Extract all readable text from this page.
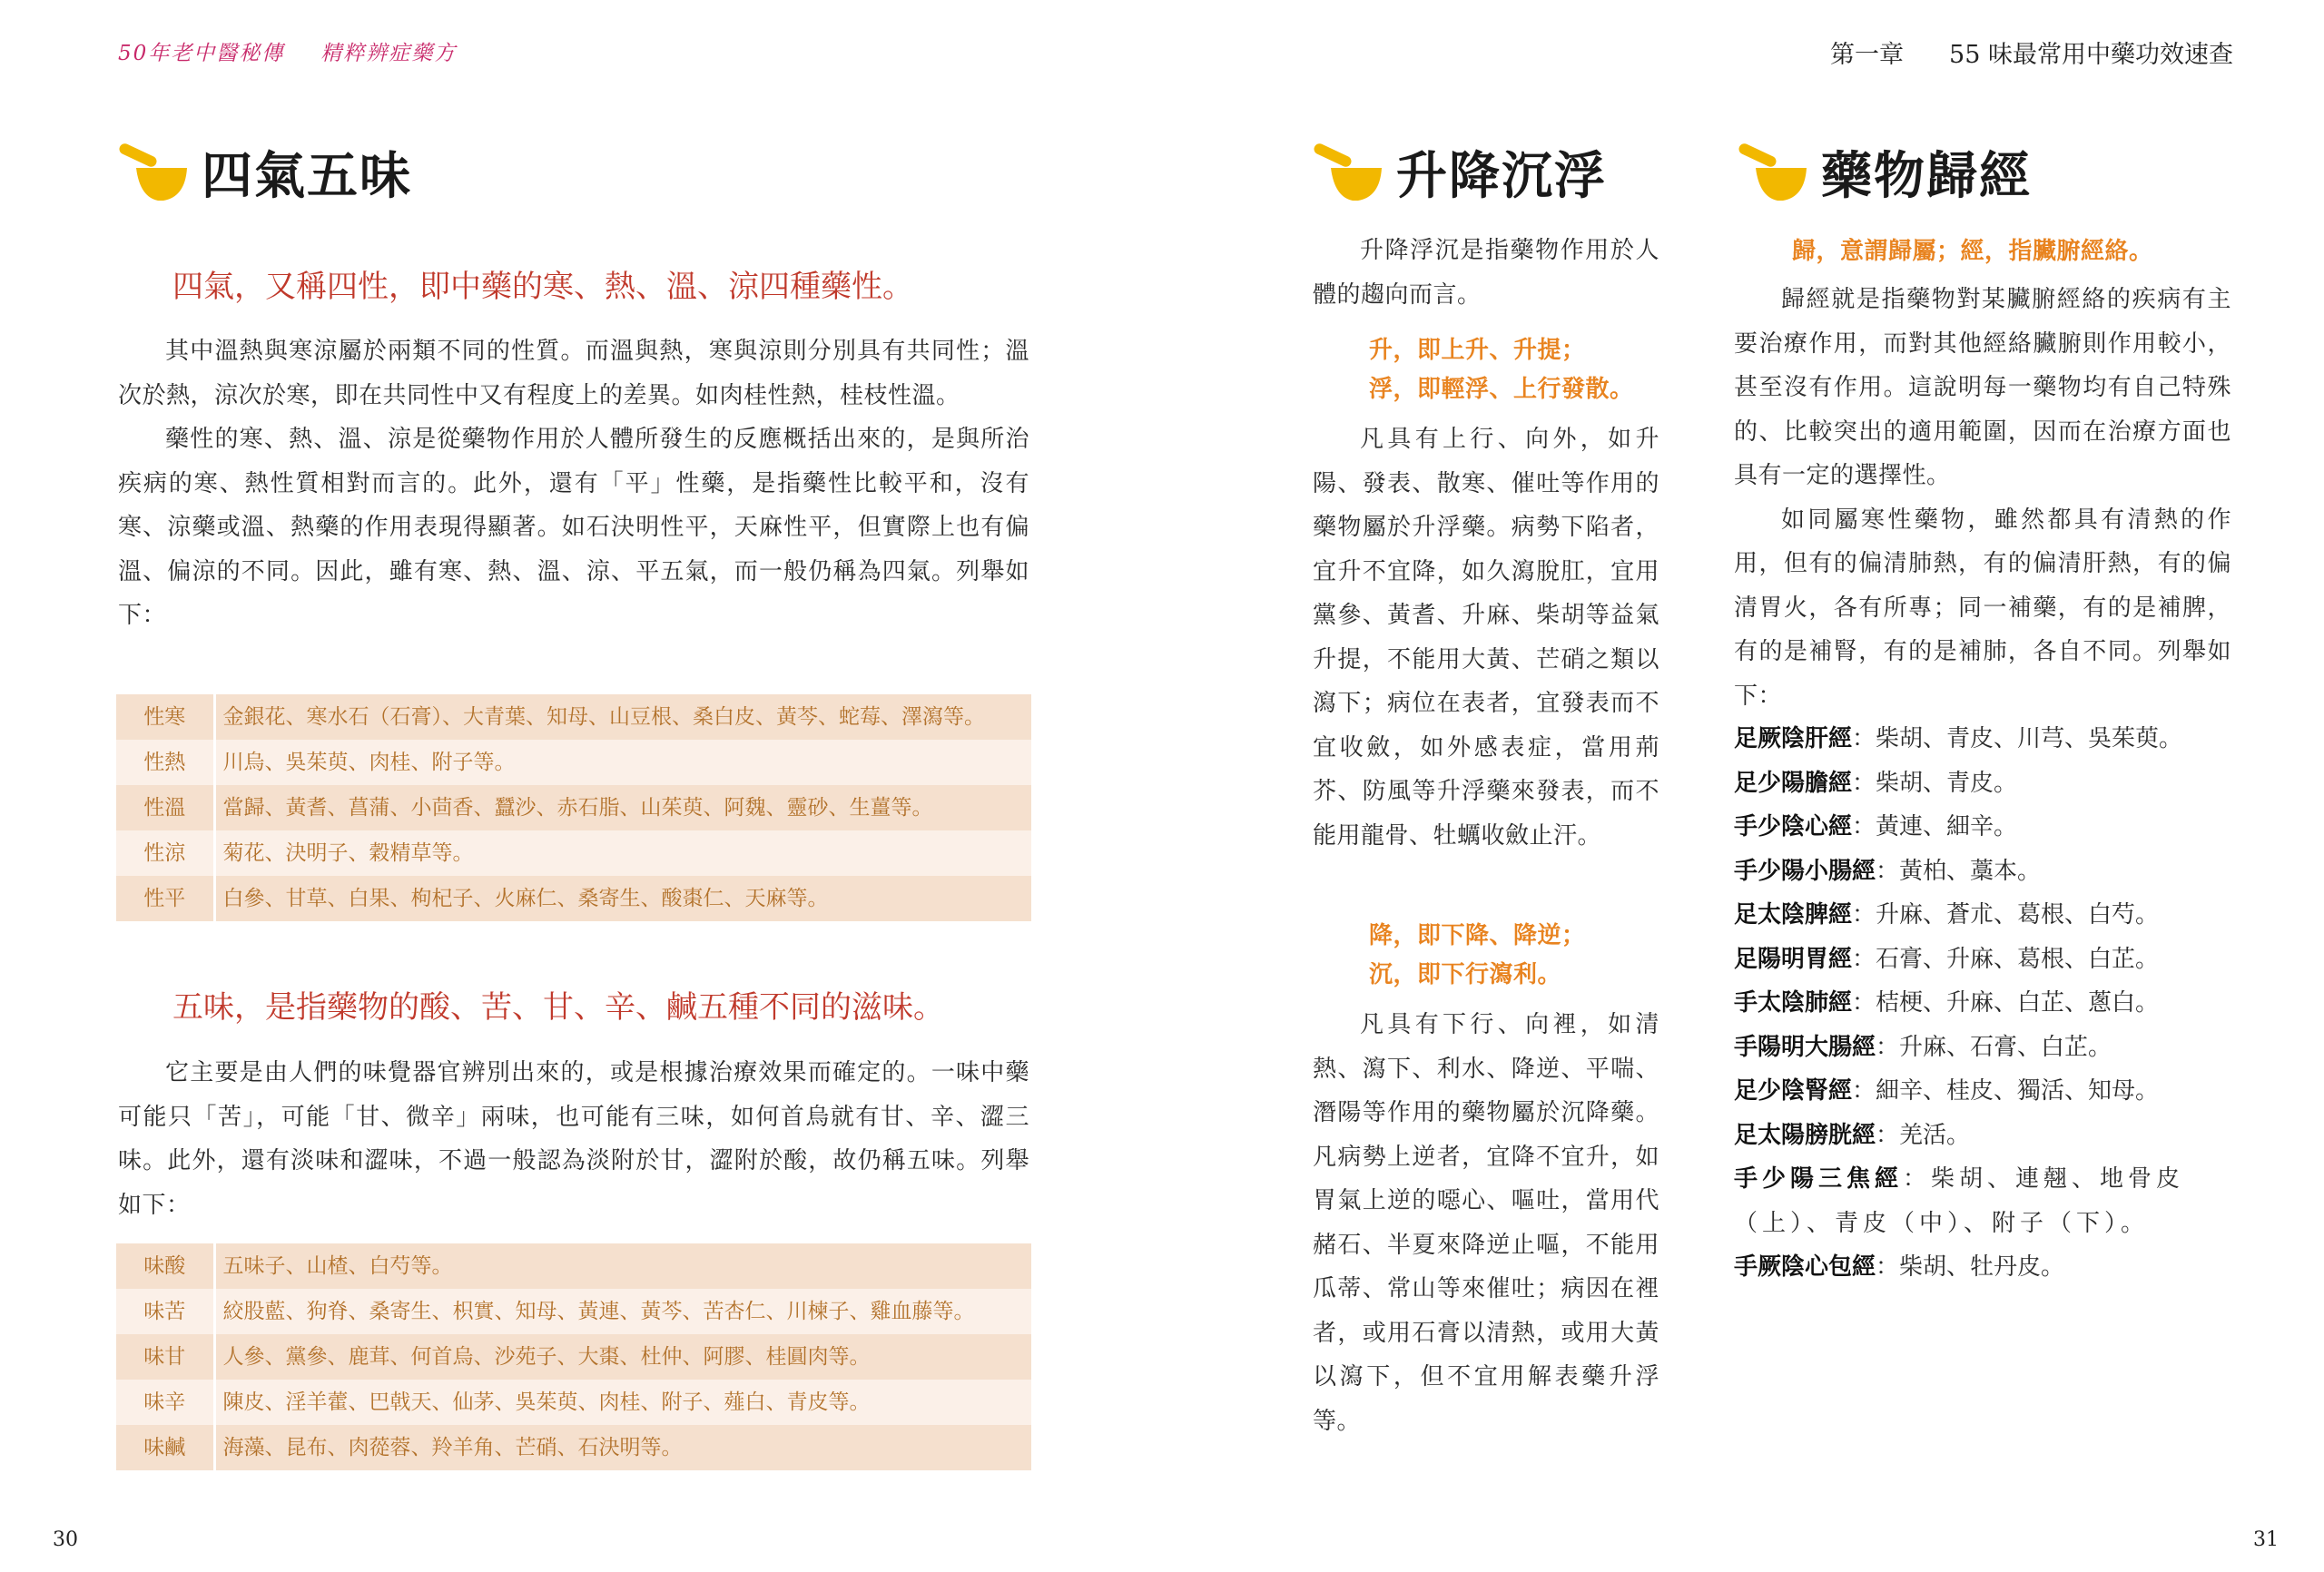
50年老中醫秘傳 精粹辨症藥方	第一章 55 味最常用中藥功效速查
四氣五味
四氣，又稱四性，即中藥的寒、熱、溫、涼四種藥性。

其中溫熱與寒涼屬於兩類不同的性質。而溫與熱，寒與涼則分別具有共同性；溫次於熱，涼次於寒，即在共同性中又有程度上的差異。如肉桂性熱，桂枝性溫。

藥性的寒、熱、溫、涼是從藥物作用於人體所發生的反應概括出來的，是與所治疾病的寒、熱性質相對而言的。此外，還有「平」性藥，是指藥性比較平和，沒有寒、涼藥或溫、熱藥的作用表現得顯著。如石決明性平，天麻性平，但實際上也有偏溫、偏涼的不同。因此，雖有寒、熱、溫、涼、平五氣，而一般仍稱為四氣。列舉如下：

性寒	金銀花、寒水石（石膏）、大青葉、知母、山豆根、桑白皮、黃芩、蛇莓、澤瀉等。
性熱	川烏、吳茱萸、肉桂、附子等。
性溫	當歸、黃耆、菖蒲、小茴香、蠶沙、赤石脂、山茱萸、阿魏、靈砂、生薑等。
性涼	菊花、決明子、穀精草等。
性平	白參、甘草、白果、枸杞子、火麻仁、桑寄生、酸棗仁、天麻等。
五味，是指藥物的酸、苦、甘、辛、鹹五種不同的滋味。

它主要是由人們的味覺器官辨別出來的，或是根據治療效果而確定的。一味中藥可能只「苦」，可能「甘、微辛」兩味，也可能有三味，如何首烏就有甘、辛、澀三味。此外，還有淡味和澀味，不過一般認為淡附於甘，澀附於酸，故仍稱五味。列舉如下：

味酸	五味子、山楂、白芍等。
味苦	絞股藍、狗脊、桑寄生、枳實、知母、黃連、黃芩、苦杏仁、川楝子、雞血藤等。
味甘	人參、黨參、鹿茸、何首烏、沙苑子、大棗、杜仲、阿膠、桂圓肉等。
味辛	陳皮、淫羊藿、巴戟天、仙茅、吳茱萸、肉桂、附子、薤白、青皮等。
味鹹	海藻、昆布、肉蓯蓉、羚羊角、芒硝、石決明等。
升降沉浮

升降浮沉是指藥物作用於人體的趨向而言。

升，即上升、升提；
浮，即輕浮、上行發散。

凡具有上行、向外，如升陽、發表、散寒、催吐等作用的藥物屬於升浮藥。病勢下陷者，宜升不宜降，如久瀉脫肛，宜用黨參、黃耆、升麻、柴胡等益氣升提，不能用大黃、芒硝之類以瀉下；病位在表者，宜發表而不宜收斂，如外感表症，當用荊芥、防風等升浮藥來發表，而不能用龍骨、牡蠣收斂止汗。

降，即下降、降逆；
沉，即下行瀉利。

凡具有下行、向裡，如清熱、瀉下、利水、降逆、平喘、潛陽等作用的藥物屬於沉降藥。凡病勢上逆者，宜降不宜升，如胃氣上逆的噁心、嘔吐，當用代赭石、半夏來降逆止嘔，不能用瓜蒂、常山等來催吐；病因在裡者，或用石膏以清熱，或用大黃以瀉下，但不宜用解表藥升浮等。

藥物歸經
歸，意謂歸屬；經，指臟腑經絡。

歸經就是指藥物對某臟腑經絡的疾病有主要治療作用，而對其他經絡臟腑則作用較小，甚至沒有作用。這說明每一藥物均有自己特殊的、比較突出的適用範圍，因而在治療方面也具有一定的選擇性。

如同屬寒性藥物，雖然都具有清熱的作用，但有的偏清肺熱，有的偏清肝熱，有的偏清胃火，各有所專；同一補藥，有的是補脾，有的是補腎，有的是補肺，各自不同。列舉如下：

足厥陰肝經：柴胡、青皮、川芎、吳茱萸。
足少陽膽經：柴胡、青皮。
手少陰心經：黃連、細辛。
手少陽小腸經：黃柏、藁本。
足太陰脾經：升麻、蒼朮、葛根、白芍。
足陽明胃經：石膏、升麻、葛根、白芷。
手太陰肺經：桔梗、升麻、白芷、蔥白。
手陽明大腸經：升麻、石膏、白芷。
足少陰腎經：細辛、桂皮、獨活、知母。
足太陽膀胱經：羌活。
手少陽三焦經：柴胡、連翹、地骨皮（上）、青皮（中）、附子（下）。
手厥陰心包經：柴胡、牡丹皮。
30	31
